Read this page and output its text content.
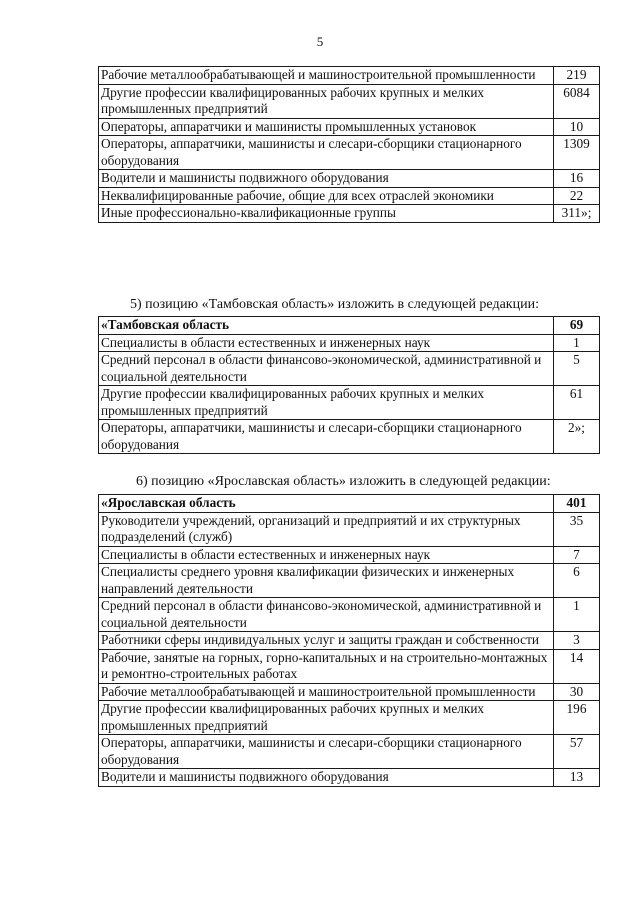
5
Рабочие металлообрабатывающей и машиностроительной промышленности	219
Другие профессии квалифицированных рабочих крупных и мелких промышленных предприятий	6084
Операторы, аппаратчики и машинисты промышленных установок	10
Операторы, аппаратчики, машинисты и слесари-сборщики стационарного оборудования	1309
Водители и машинисты подвижного оборудования	16
Неквалифицированные рабочие, общие для всех отраслей экономики	22
Иные профессионально-квалификационные группы	311»;
5) позицию «Тамбовская область» изложить в следующей редакции:
«Тамбовская область	69
Специалисты в области естественных и инженерных наук	1
Средний персонал в области финансово-экономической, административной и социальной деятельности	5
Другие профессии квалифицированных рабочих крупных и мелких промышленных предприятий	61
Операторы, аппаратчики, машинисты и слесари-сборщики стационарного оборудования	2»;
6) позицию «Ярославская область» изложить в следующей редакции:
«Ярославская область	401
Руководители учреждений, организаций и предприятий и их структурных подразделений (служб)	35
Специалисты в области естественных и инженерных наук	7
Специалисты среднего уровня квалификации физических и инженерных направлений деятельности	6
Средний персонал в области финансово-экономической, административной и социальной деятельности	1
Работники сферы индивидуальных услуг и защиты граждан и собственности	3
Рабочие, занятые на горных, горно-капитальных и на строительно-монтажных и ремонтно-строительных работах	14
Рабочие металлообрабатывающей и машиностроительной промышленности	30
Другие профессии квалифицированных рабочих крупных и мелких промышленных предприятий	196
Операторы, аппаратчики, машинисты и слесари-сборщики стационарного оборудования	57
Водители и машинисты подвижного оборудования	13
